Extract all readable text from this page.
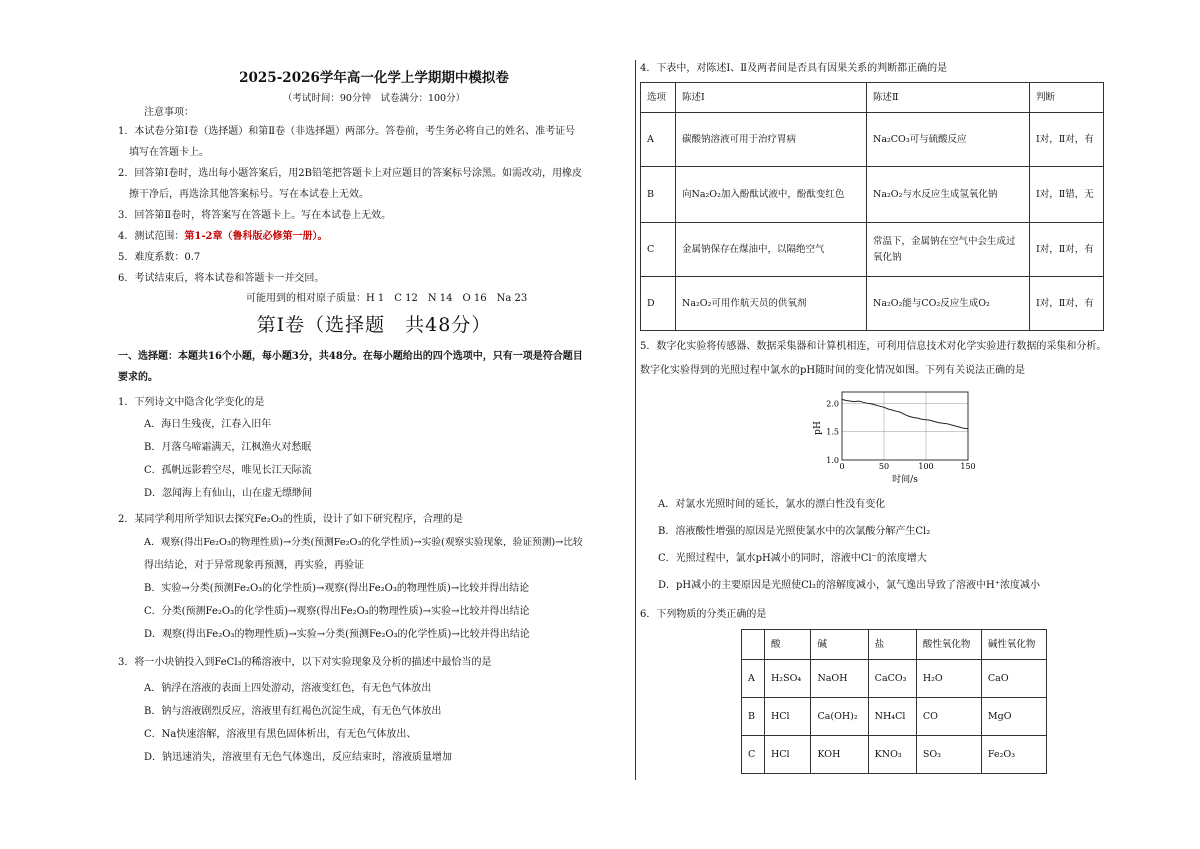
2025-2026学年高一化学上学期期中模拟卷
（考试时间：90分钟　试卷满分：100分）
注意事项：
1．本试卷分第Ⅰ卷（选择题）和第Ⅱ卷（非选择题）两部分。答卷前，考生务必将自己的姓名、准考证号
填写在答题卡上。
2．回答第Ⅰ卷时，选出每小题答案后，用2B铅笔把答题卡上对应题目的答案标号涂黑。如需改动，用橡皮
擦干净后，再选涂其他答案标号。写在本试卷上无效。
3．回答第Ⅱ卷时，将答案写在答题卡上。写在本试卷上无效。
4．测试范围：第1-2章（鲁科版必修第一册）。
5．难度系数：0.7
6．考试结束后，将本试卷和答题卡一并交回。
可能用到的相对原子质量：H 1　C 12　N 14　O 16　Na 23
第Ⅰ卷（选择题　共48分）
一、选择题：本题共16个小题，每小题3分，共48分。在每小题给出的四个选项中，只有一项是符合题目
要求的。
1．下列诗文中隐含化学变化的是
A．海日生残夜，江春入旧年
B．月落乌啼霜满天，江枫渔火对愁眠
C．孤帆远影碧空尽，唯见长江天际流
D．忽闻海上有仙山，山在虚无缥缈间
2．某同学利用所学知识去探究Fe₂O₃的性质，设计了如下研究程序，合理的是
A．观察(得出Fe₂O₃的物理性质)→分类(预测Fe₂O₃的化学性质)→实验(观察实验现象，验证预测)→比较
得出结论，对于异常现象再预测，再实验，再验证
B．实验→分类(预测Fe₂O₃的化学性质)→观察(得出Fe₂O₃的物理性质)→比较并得出结论
C．分类(预测Fe₂O₃的化学性质)→观察(得出Fe₂O₃的物理性质)→实验→比较并得出结论
D．观察(得出Fe₂O₃的物理性质)→实验→分类(预测Fe₂O₃的化学性质)→比较并得出结论
3．将一小块钠投入到FeCl₃的稀溶液中，以下对实验现象及分析的描述中最恰当的是
A．钠浮在溶液的表面上四处游动，溶液变红色，有无色气体放出
B．钠与溶液剧烈反应，溶液里有红褐色沉淀生成，有无色气体放出
C．Na快速溶解，溶液里有黑色固体析出，有无色气体放出、
D．钠迅速消失，溶液里有无色气体逸出，反应结束时，溶液质量增加
4．下表中，对陈述Ⅰ、Ⅱ及两者间是否具有因果关系的判断都正确的是
选项	陈述Ⅰ	陈述Ⅱ	判断
A	碳酸钠溶液可用于治疗胃病	Na₂CO₃可与硫酸反应	Ⅰ对，Ⅱ对，有
B	向Na₂O₂加入酚酞试液中，酚酞变红色	Na₂O₂与水反应生成氢氧化钠	Ⅰ对，Ⅱ错，无
C	金属钠保存在煤油中，以隔绝空气	常温下，金属钠在空气中会生成过氧化钠	Ⅰ对，Ⅱ对，有
D	Na₂O₂可用作航天员的供氧剂	Na₂O₂能与CO₂反应生成O₂	Ⅰ对，Ⅱ对，有
5．数字化实验将传感器、数据采集器和计算机相连，可利用信息技术对化学实验进行数据的采集和分析。
数字化实验得到的光照过程中氯水的pH随时间的变化情况如图。下列有关说法正确的是
0	50	100	150
1.0
1.5
2.0
pH
时间/s
A．对氯水光照时间的延长，氯水的漂白性没有变化
B．溶液酸性增强的原因是光照使氯水中的次氯酸分解产生Cl₂
C．光照过程中，氯水pH减小的同时，溶液中Cl⁻的浓度增大
D．pH减小的主要原因是光照使Cl₂的溶解度减小，氯气逸出导致了溶液中H⁺浓度减小
6．下列物质的分类正确的是
	酸	碱	盐	酸性氧化物	碱性氧化物
A	H₂SO₄	NaOH	CaCO₃	H₂O	CaO
B	HCl	Ca(OH)₂	NH₄Cl	CO	MgO
C	HCl	KOH	KNO₃	SO₃	Fe₂O₃
